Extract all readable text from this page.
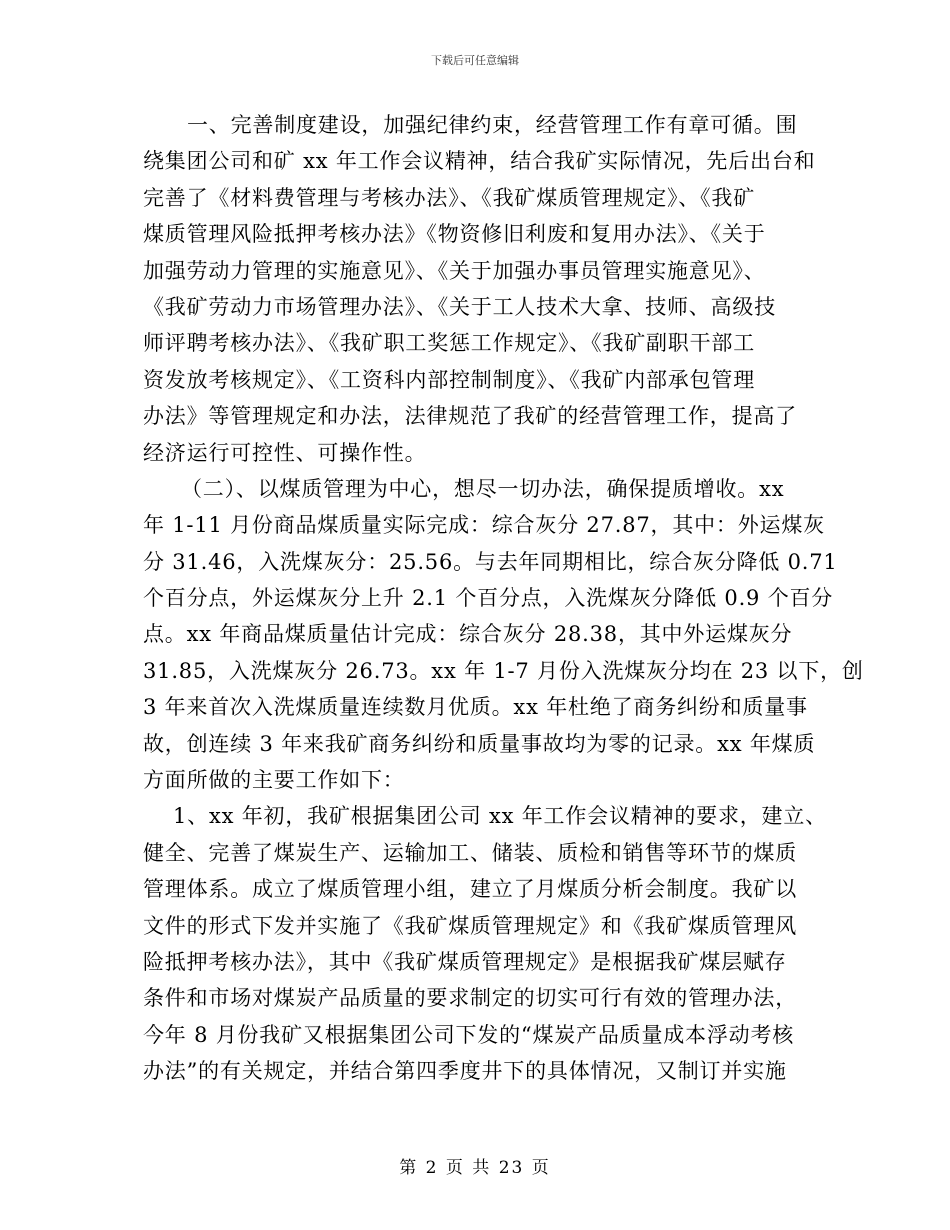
下载后可任意编辑
一、完善制度建设，加强纪律约束，经营管理工作有章可循。围
绕集团公司和矿 xx 年工作会议精神，结合我矿实际情况，先后出台和
完善了《材料费管理与考核办法》、《我矿煤质管理规定》、《我矿
煤质管理风险抵押考核办法》《物资修旧利废和复用办法》、《关于
加强劳动力管理的实施意见》、《关于加强办事员管理实施意见》、
《我矿劳动力市场管理办法》、《关于工人技术大拿、技师、高级技
师评聘考核办法》、《我矿职工奖惩工作规定》、《我矿副职干部工
资发放考核规定》、《工资科内部控制制度》、《我矿内部承包管理
办法》等管理规定和办法，法律规范了我矿的经营管理工作，提高了
经济运行可控性、可操作性。
（二）、以煤质管理为中心，想尽一切办法，确保提质增收。xx
年 1-11 月份商品煤质量实际完成：综合灰分 27.87，其中：外运煤灰
分 31.46，入洗煤灰分：25.56。与去年同期相比，综合灰分降低 0.71
个百分点，外运煤灰分上升 2.1 个百分点，入洗煤灰分降低 0.9 个百分
点。xx 年商品煤质量估计完成：综合灰分 28.38，其中外运煤灰分
31.85，入洗煤灰分 26.73。xx 年 1-7 月份入洗煤灰分均在 23 以下，创
3 年来首次入洗煤质量连续数月优质。xx 年杜绝了商务纠纷和质量事
故，创连续 3 年来我矿商务纠纷和质量事故均为零的记录。xx 年煤质
方面所做的主要工作如下：
1、xx 年初，我矿根据集团公司 xx 年工作会议精神的要求，建立、
健全、完善了煤炭生产、运输加工、储装、质检和销售等环节的煤质
管理体系。成立了煤质管理小组，建立了月煤质分析会制度。我矿以
文件的形式下发并实施了《我矿煤质管理规定》和《我矿煤质管理风
险抵押考核办法》，其中《我矿煤质管理规定》是根据我矿煤层赋存
条件和市场对煤炭产品质量的要求制定的切实可行有效的管理办法，
今年 8 月份我矿又根据集团公司下发的“煤炭产品质量成本浮动考核
办法”的有关规定，并结合第四季度井下的具体情况，又制订并实施
第 2 页 共 23 页
